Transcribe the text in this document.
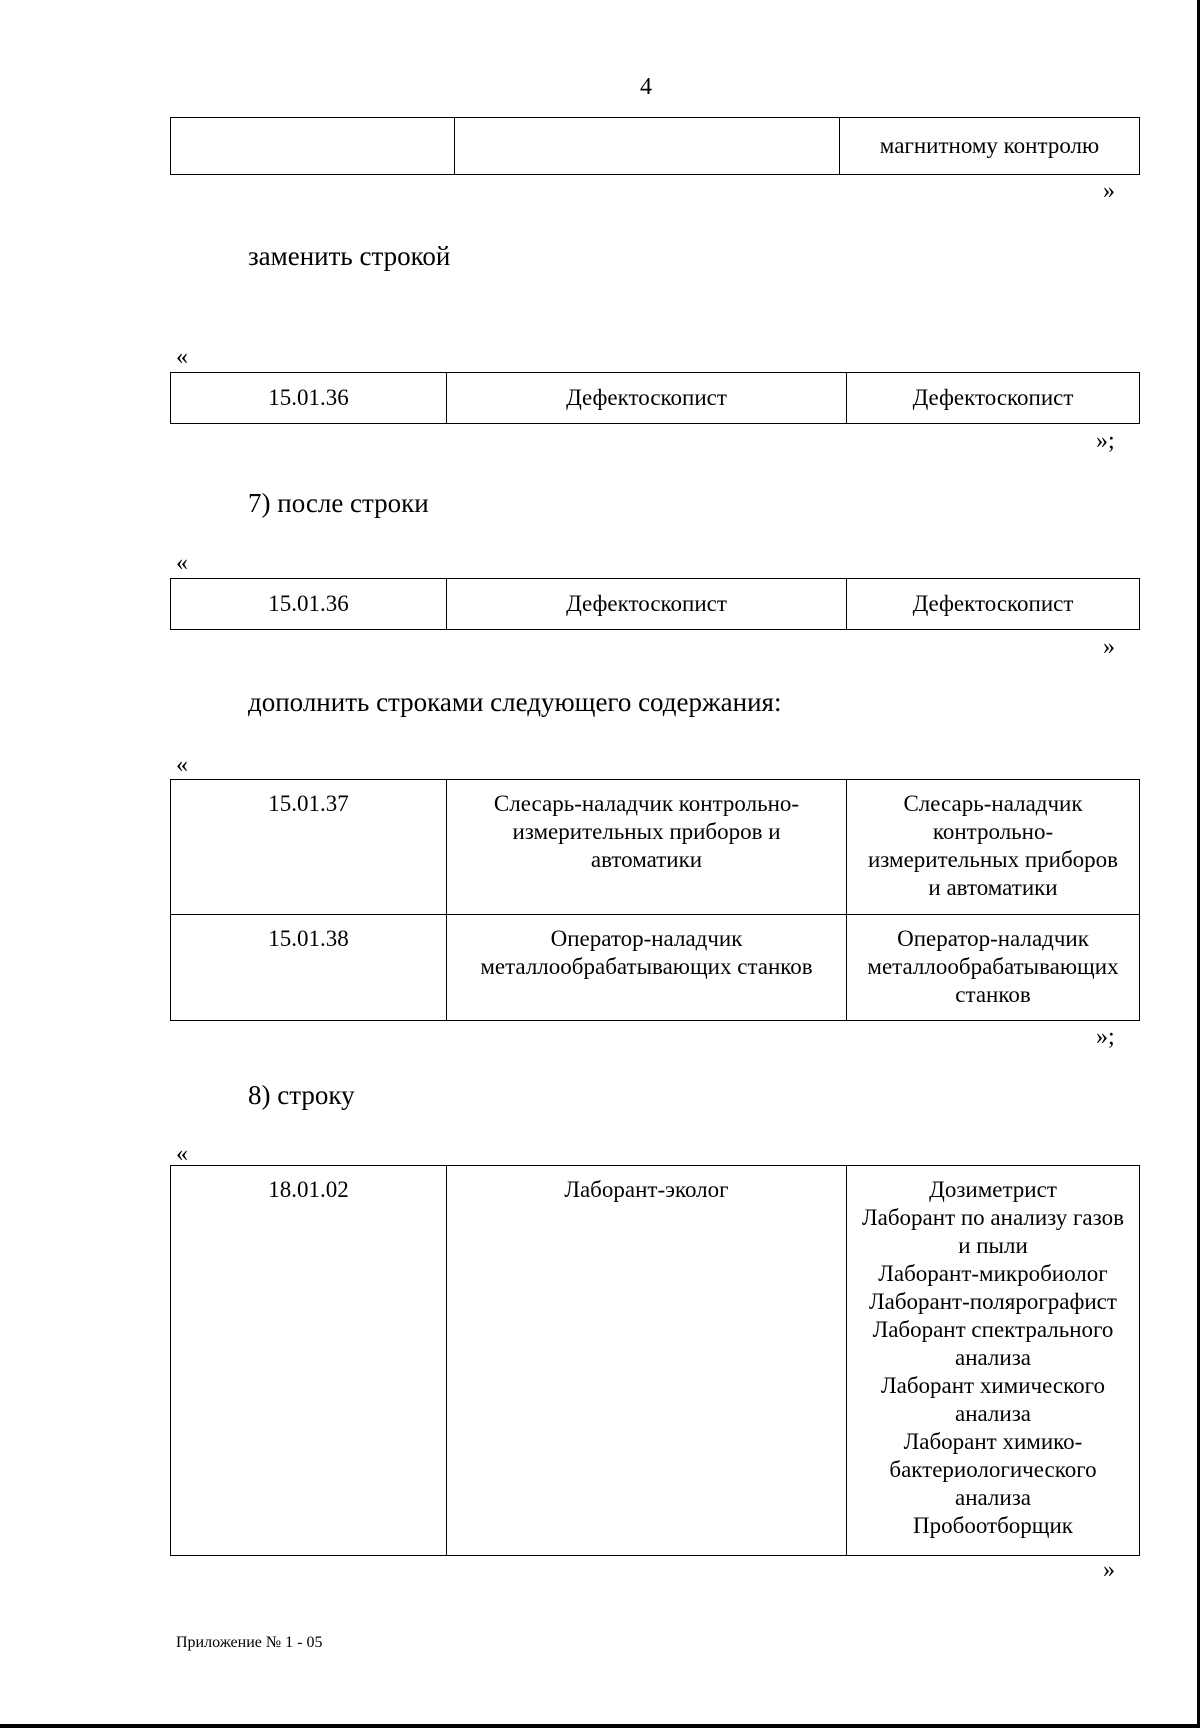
4
		магнитному контролю
»
заменить строкой
«
15.01.36	Дефектоскопист	Дефектоскопист
»;
7) после строки
«
15.01.36	Дефектоскопист	Дефектоскопист
»
дополнить строками следующего содержания:
«
15.01.37	Слесарь-наладчик контрольно-
измерительных приборов и
автоматики	Слесарь-наладчик
контрольно-
измерительных приборов
и автоматики

15.01.38	Оператор-наладчик
металлообрабатывающих станков	Оператор-наладчик
металлообрабатывающих
станков
»;
8) строку
«
18.01.02	Лаборант-эколог	Дозиметрист
Лаборант по анализу газов
и пыли
Лаборант-микробиолог
Лаборант-полярографист
Лаборант спектрального
анализа
Лаборант химического
анализа
Лаборант химико-
бактериологического
анализа
Пробоотборщик
»
Приложение № 1 - 05
